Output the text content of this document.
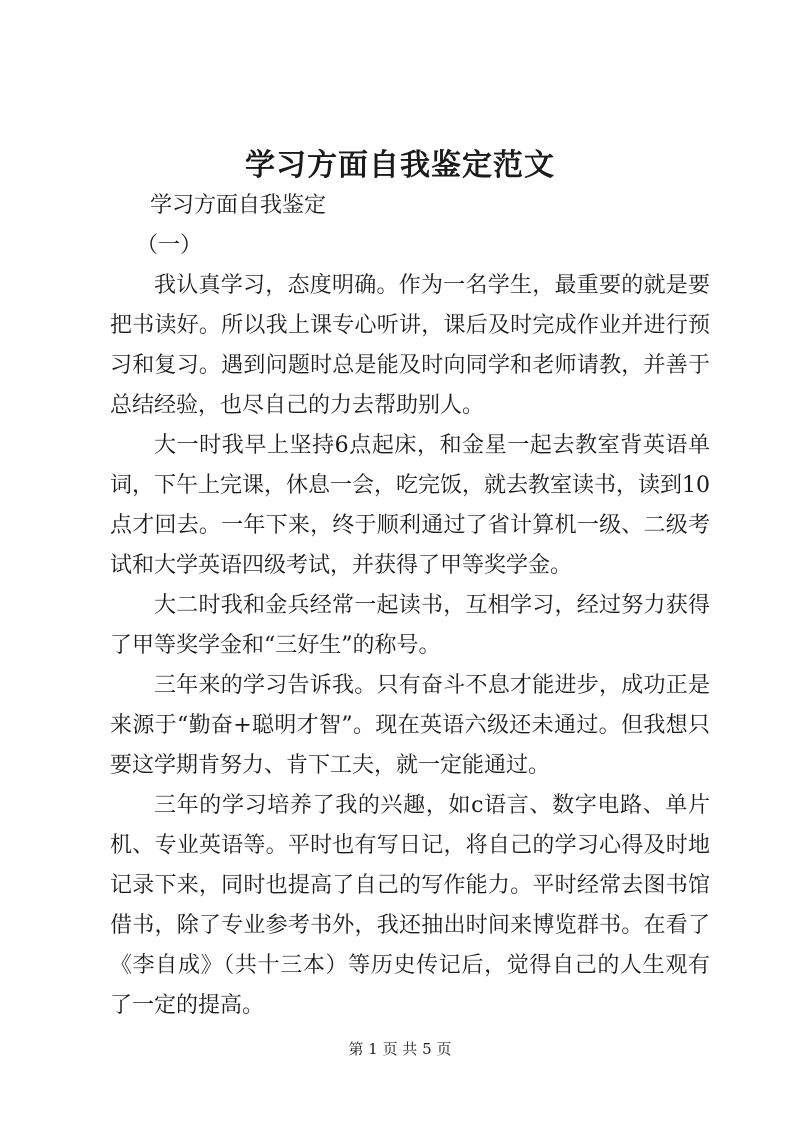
学习方面自我鉴定范文

学习方面自我鉴定

（一）

我认真学习，态度明确。作为一名学生，最重要的就是要把书读好。所以我上课专心听讲，课后及时完成作业并进行预习和复习。遇到问题时总是能及时向同学和老师请教，并善于总结经验，也尽自己的力去帮助别人。

大一时我早上坚持6点起床，和金星一起去教室背英语单词，下午上完课，休息一会，吃完饭，就去教室读书，读到10点才回去。一年下来，终于顺利通过了省计算机一级、二级考试和大学英语四级考试，并获得了甲等奖学金。

大二时我和金兵经常一起读书，互相学习，经过努力获得了甲等奖学金和“三好生”的称号。

三年来的学习告诉我。只有奋斗不息才能进步，成功正是来源于“勤奋+聪明才智”。现在英语六级还未通过。但我想只要这学期肯努力、肯下工夫，就一定能通过。

三年的学习培养了我的兴趣，如c语言、数字电路、单片机、专业英语等。平时也有写日记，将自己的学习心得及时地记录下来，同时也提高了自己的写作能力。平时经常去图书馆借书，除了专业参考书外，我还抽出时间来博览群书。在看了《李自成》（共十三本）等历史传记后，觉得自己的人生观有了一定的提高。

第 1 页 共 5 页
